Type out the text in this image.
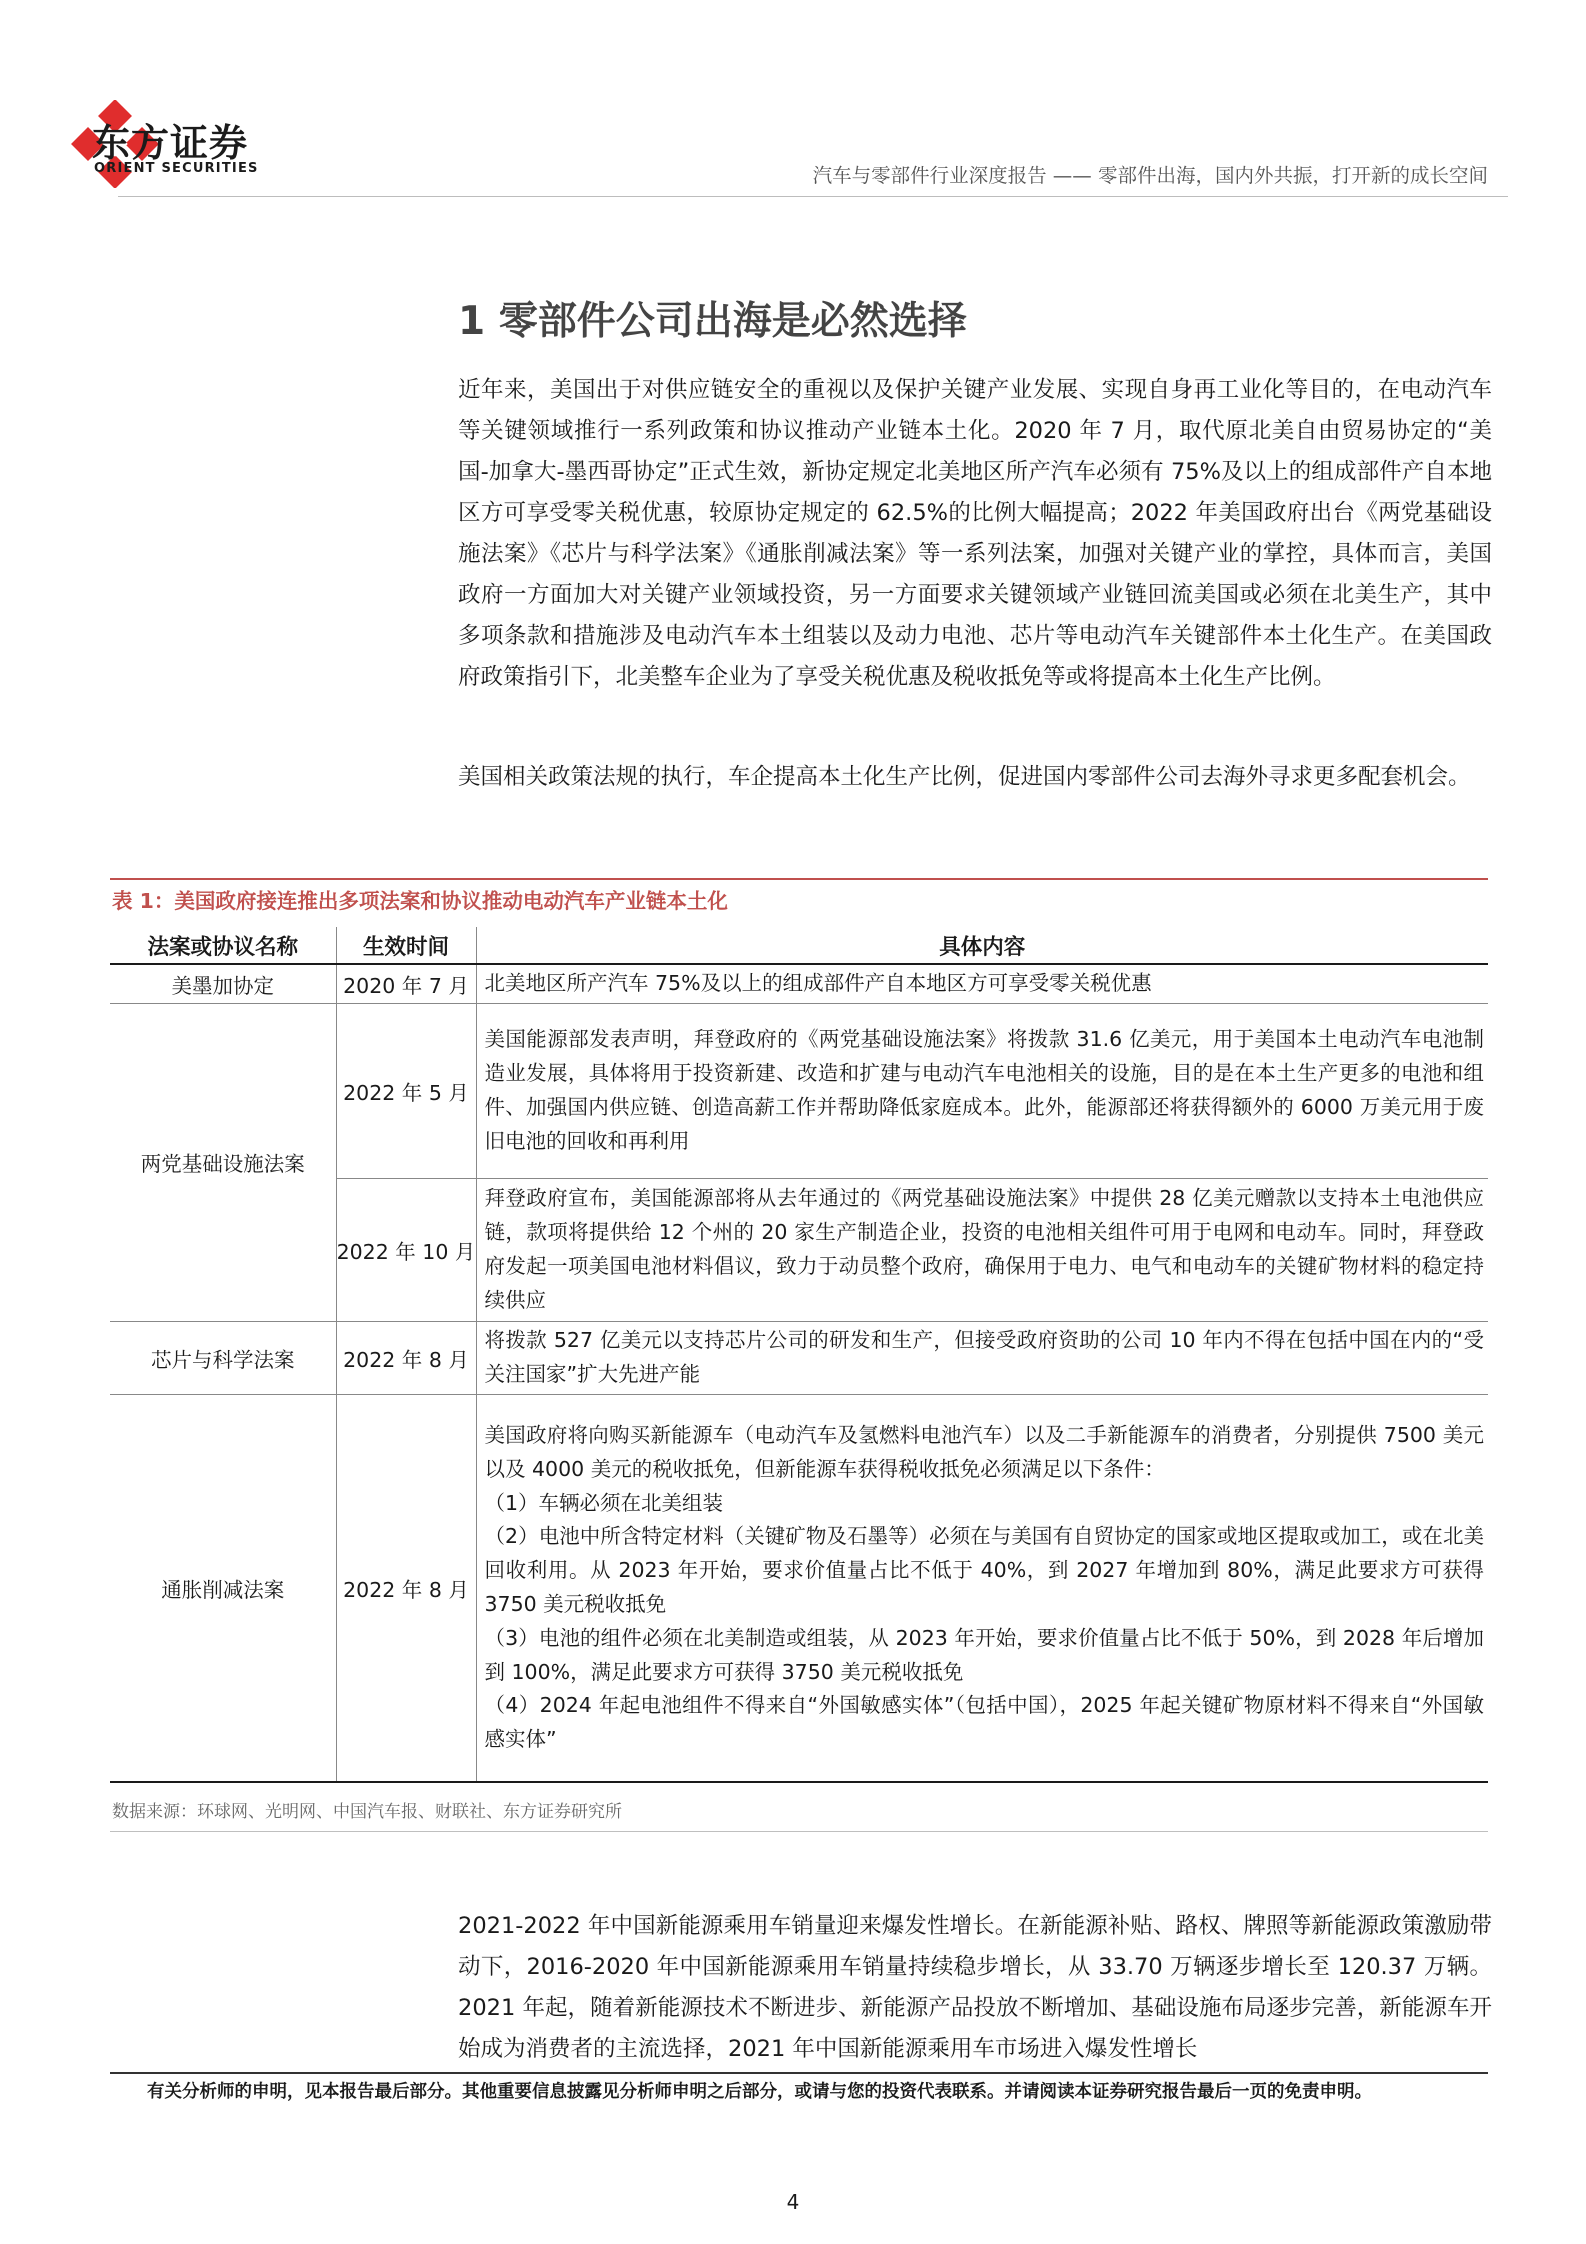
东方证券
ORIENT SECURITIES	汽车与零部件行业深度报告 —— 零部件出海，国内外共振，打开新的成长空间
1 零部件公司出海是必然选择
近年来，美国出于对供应链安全的重视以及保护关键产业发展、实现自身再工业化等目的，在电动汽车等关键领域推行一系列政策和协议推动产业链本土化。2020 年 7 月，取代原北美自由贸易协定的“美国-加拿大-墨西哥协定”正式生效，新协定规定北美地区所产汽车必须有 75%及以上的组成部件产自本地区方可享受零关税优惠，较原协定规定的 62.5%的比例大幅提高；2022 年美国政府出台《两党基础设施法案》《芯片与科学法案》《通胀削减法案》等一系列法案，加强对关键产业的掌控，具体而言，美国政府一方面加大对关键产业领域投资，另一方面要求关键领域产业链回流美国或必须在北美生产，其中多项条款和措施涉及电动汽车本土组装以及动力电池、芯片等电动汽车关键部件本土化生产。在美国政府政策指引下，北美整车企业为了享受关税优惠及税收抵免等或将提高本土化生产比例。
美国相关政策法规的执行，车企提高本土化生产比例，促进国内零部件公司去海外寻求更多配套机会。
表 1：美国政府接连推出多项法案和协议推动电动汽车产业链本土化
法案或协议名称	生效时间	具体内容
美墨加协定	2020 年 7 月	北美地区所产汽车 75%及以上的组成部件产自本地区方可享受零关税优惠
两党基础设施法案	2022 年 5 月	美国能源部发表声明，拜登政府的《两党基础设施法案》将拨款 31.6 亿美元，用于美国本土电动汽车电池制造业发展，具体将用于投资新建、改造和扩建与电动汽车电池相关的设施，目的是在本土生产更多的电池和组件、加强国内供应链、创造高薪工作并帮助降低家庭成本。此外，能源部还将获得额外的 6000 万美元用于废旧电池的回收和再利用
	2022 年 10 月	拜登政府宣布，美国能源部将从去年通过的《两党基础设施法案》中提供 28 亿美元赠款以支持本土电池供应链，款项将提供给 12 个州的 20 家生产制造企业，投资的电池相关组件可用于电网和电动车。同时，拜登政府发起一项美国电池材料倡议，致力于动员整个政府，确保用于电力、电气和电动车的关键矿物材料的稳定持续供应
芯片与科学法案	2022 年 8 月	将拨款 527 亿美元以支持芯片公司的研发和生产，但接受政府资助的公司 10 年内不得在包括中国在内的“受关注国家”扩大先进产能
通胀削减法案	2022 年 8 月	美国政府将向购买新能源车（电动汽车及氢燃料电池汽车）以及二手新能源车的消费者，分别提供 7500 美元以及 4000 美元的税收抵免，但新能源车获得税收抵免必须满足以下条件：
（1）车辆必须在北美组装
（2）电池中所含特定材料（关键矿物及石墨等）必须在与美国有自贸协定的国家或地区提取或加工，或在北美回收利用。从 2023 年开始，要求价值量占比不低于 40%，到 2027 年增加到 80%，满足此要求方可获得 3750 美元税收抵免
（3）电池的组件必须在北美制造或组装，从 2023 年开始，要求价值量占比不低于 50%，到 2028 年后增加到 100%，满足此要求方可获得 3750 美元税收抵免
（4）2024 年起电池组件不得来自“外国敏感实体”（包括中国），2025 年起关键矿物原材料不得来自“外国敏感实体”
数据来源：环球网、光明网、中国汽车报、财联社、东方证券研究所
2021-2022 年中国新能源乘用车销量迎来爆发性增长。在新能源补贴、路权、牌照等新能源政策激励带动下，2016-2020 年中国新能源乘用车销量持续稳步增长，从 33.70 万辆逐步增长至 120.37 万辆。2021 年起，随着新能源技术不断进步、新能源产品投放不断增加、基础设施布局逐步完善，新能源车开始成为消费者的主流选择，2021 年中国新能源乘用车市场进入爆发性增长
有关分析师的申明，见本报告最后部分。其他重要信息披露见分析师申明之后部分，或请与您的投资代表联系。并请阅读本证券研究报告最后一页的免责申明。
4
